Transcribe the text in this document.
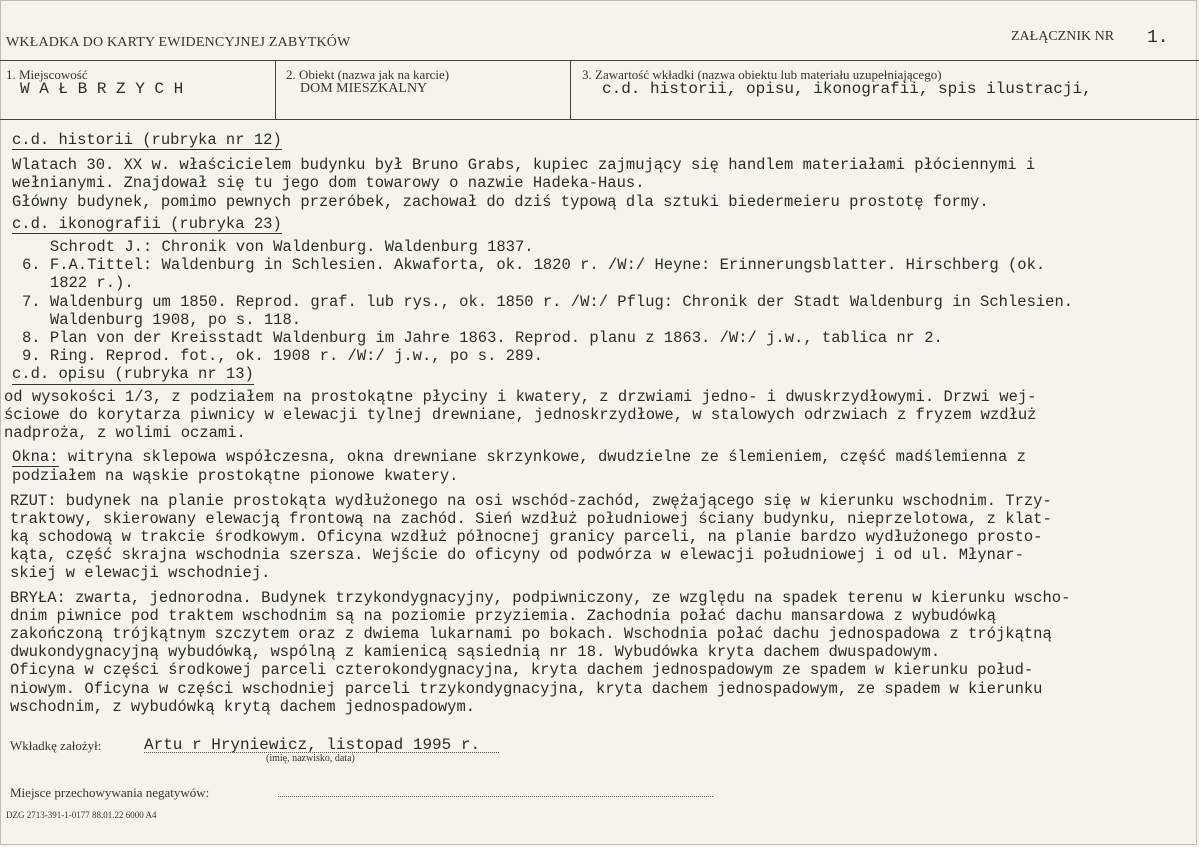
WKŁADKA DO KARTY EWIDENCYJNEJ ZABYTKÓW	ZAŁĄCZNIK NR 1.
1. Miejscowość
W A Ł B R Z Y C H
2. Obiekt (nazwa jak na karcie)
DOM MIESZKALNY
3. Zawartość wkładki (nazwa obiektu lub materiału uzupełniającego)
c.d. historii, opisu, ikonografii, spis ilustracji,
c.d. historii (rubryka nr 12)

Wlatach 30. XX w. właścicielem budynku był Bruno Grabs, kupiec zajmujący się handlem materiałami płóciennymi i
wełnianymi. Znajdował się tu jego dom towarowy o nazwie Hadeka-Haus.
Główny budynek, pomimo pewnych przeróbek, zachował do dziś typową dla sztuki biedermeieru prostotę formy.

c.d. ikonografii (rubryka 23)

Schrodt J.: Chronik von Waldenburg. Waldenburg 1837.
6. F.A.Tittel: Waldenburg in Schlesien. Akwaforta, ok. 1820 r. /W:/ Heyne: Erinnerungsblatter. Hirschberg (ok.
1822 r.).
7. Waldenburg um 1850. Reprod. graf. lub rys., ok. 1850 r. /W:/ Pflug: Chronik der Stadt Waldenburg in Schlesien.
Waldenburg 1908, po s. 118.
8. Plan von der Kreisstadt Waldenburg im Jahre 1863. Reprod. planu z 1863. /W:/ j.w., tablica nr 2.
9. Ring. Reprod. fot., ok. 1908 r. /W:/ j.w., po s. 289.

c.d. opisu (rubryka nr 13)

od wysokości 1/3, z podziałem na prostokątne płyciny i kwatery, z drzwiami jedno- i dwuskrzydłowymi. Drzwi wej-
ściowe do korytarza piwnicy w elewacji tylnej drewniane, jednoskrzydłowe, w stalowych odrzwiach z fryzem wzdłuż
nadproża, z wolimi oczami.

Okna: witryna sklepowa współczesna, okna drewniane skrzynkowe, dwudzielne ze ślemieniem, część madślemienna z
podziałem na wąskie prostokątne pionowe kwatery.

RZUT: budynek na planie prostokąta wydłużonego na osi wschód-zachód, zwężającego się w kierunku wschodnim. Trzy-
traktowy, skierowany elewacją frontową na zachód. Sień wzdłuż południowej ściany budynku, nieprzelotowa, z klat-
ką schodową w trakcie środkowym. Oficyna wzdłuż północnej granicy parceli, na planie bardzo wydłużonego prosto-
kąta, część skrajna wschodnia szersza. Wejście do oficyny od podwórza w elewacji południowej i od ul. Młynar-
skiej w elewacji wschodniej.

BRYŁA: zwarta, jednorodna. Budynek trzykondygnacyjny, podpiwniczony, ze względu na spadek terenu w kierunku wscho-
dnim piwnice pod traktem wschodnim są na poziomie przyziemia. Zachodnia połać dachu mansardowa z wybudówką
zakończoną trójkątnym szczytem oraz z dwiema lukarnami po bokach. Wschodnia połać dachu jednospadowa z trójkątną
dwukondygnacyjną wybudówką, wspólną z kamienicą sąsiednią nr 18. Wybudówka kryta dachem dwuspadowym.
Oficyna w części środkowej parceli czterokondygnacyjna, kryta dachem jednospadowym ze spadem w kierunku połud-
niowym. Oficyna w części wschodniej parceli trzykondygnacyjna, kryta dachem jednospadowym, ze spadem w kierunku
wschodnim, z wybudówką krytą dachem jednospadowym.

Wkładkę założył:	Artu r Hryniewicz, listopad 1995 r.
(imię, nazwisko, data)
Miejsce przechowywania negatywów:
DZG 2713-391-1-0177 88.01.22 6000 A4
